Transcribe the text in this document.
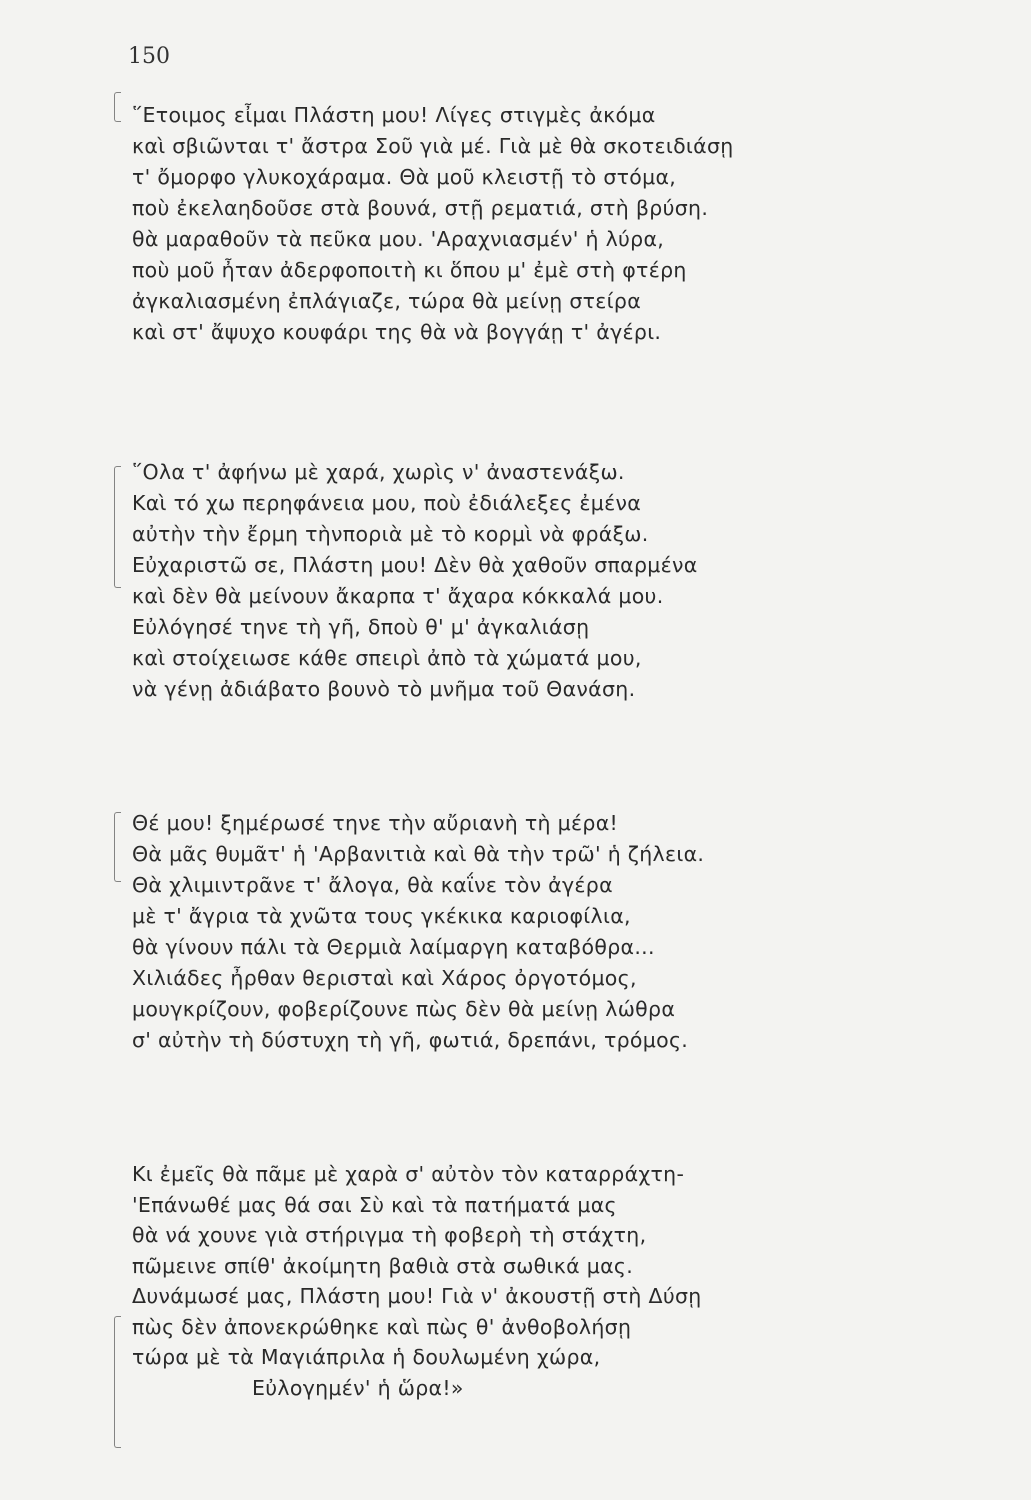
150
῞Ετοιμος εἶμαι Πλάστη μου! Λίγες στιγμὲς ἀκόμα
καὶ σβιῶνται τ' ἄστρα Σοῦ γιὰ μέ. Γιὰ μὲ θὰ σκοτειδιάσῃ
τ' ὄμορφο γλυκοχάραμα. Θὰ μοῦ κλειστῇ τὸ στόμα,
ποὺ ἐκελαηδοῦσε στὰ βουνά, στῇ ρεματιά, στὴ βρύση.
θὰ μαραθοῦν τὰ πεῦκα μου. 'Αραχνιασμέν' ἡ λύρα,
ποὺ μοῦ ἦταν ἀδερφοποιτὴ κι ὅπου μ' ἐμὲ στὴ φτέρη
ἀγκαλιασμένη ἐπλάγιαζε, τώρα θὰ μείνῃ στείρα
καὶ στ' ἄψυχο κουφάρι της θὰ νὰ βογγάῃ τ' ἀγέρι.
῞Ολα τ' ἀφήνω μὲ χαρά, χωρὶς ν' ἀναστενάξω.
Καὶ τό χω περηφάνεια μου, ποὺ ἐδιάλεξες ἐμένα
αὐτὴν τὴν ἔρμη τὴνποριὰ μὲ τὸ κορμὶ νὰ φράξω.
Εὐχαριστῶ σε, Πλάστη μου! Δὲν θὰ χαθοῦν σπαρμένα
καὶ δὲν θὰ μείνουν ἄκαρπα τ' ἄχαρα κόκκαλά μου.
Εὐλόγησέ τηνε τὴ γῆ, δποὺ θ' μ' ἀγκαλιάσῃ
καὶ στοίχειωσε κάθε σπειρὶ ἀπὸ τὰ χώματά μου,
νὰ γένῃ ἀδιάβατο βουνὸ τὸ μνῆμα τοῦ Θανάση.
Θέ μου! ξημέρωσέ τηνε τὴν αὔριανὴ τὴ μέρα!
Θὰ μᾶς θυμᾶτ' ἡ 'Αρβανιτιὰ καὶ θὰ τὴν τρῶ' ἡ ζήλεια.
Θὰ χλιμιντρᾶνε τ' ἄλογα, θὰ καΐνε τὸν ἀγέρα
μὲ τ' ἄγρια τὰ χνῶτα τους γκέκικα καριοφίλια,
θὰ γίνουν πάλι τὰ Θερμιὰ λαίμαργη καταβόθρα...
Χιλιάδες ἦρθαν θερισταὶ καὶ Χάρος ὀργοτόμος,
μουγκρίζουν, φοβερίζουνε πὼς δὲν θὰ μείνῃ λώθρα
σ' αὐτὴν τὴ δύστυχη τὴ γῆ, φωτιά, δρεπάνι, τρόμος.
Κι ἐμεῖς θὰ πᾶμε μὲ χαρὰ σ' αὐτὸν τὸν καταρράχτη-
'Επάνωθέ μας θά σαι Σὺ καὶ τὰ πατήματά μας
θὰ νά χουνε γιὰ στήριγμα τὴ φοβερὴ τὴ στάχτη,
πῶμεινε σπίθ' ἀκοίμητη βαθιὰ στὰ σωθικά μας.
Δυνάμωσέ μας, Πλάστη μου! Γιὰ ν' ἀκουστῇ στὴ Δύσῃ
πὼς δὲν ἀπονεκρώθηκε καὶ πὼς θ' ἀνθοβολήσῃ
τώρα μὲ τὰ Μαγιάπριλα ἡ δουλωμένη χώρα,
Εὐλογημέν' ἡ ὥρα!»
